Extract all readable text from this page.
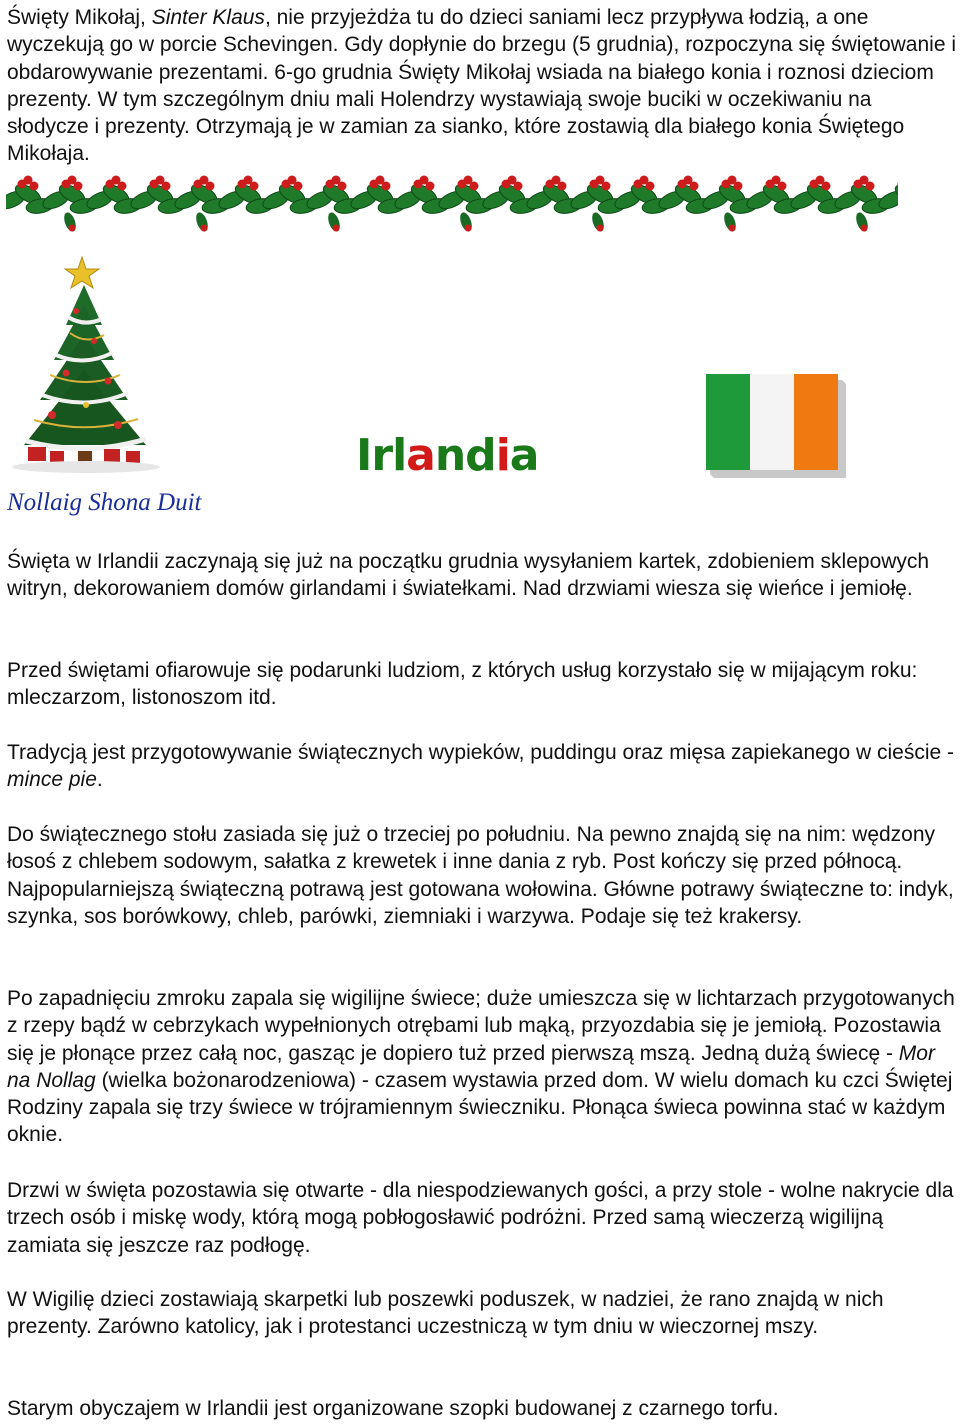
Święty Mikołaj, Sinter Klaus, nie przyjeżdża tu do dzieci saniami lecz przypływa łodzią, a one wyczekują go w porcie Schevingen. Gdy dopłynie do brzegu (5 grudnia), rozpoczyna się świętowanie i obdarowywanie prezentami. 6-go grudnia Święty Mikołaj wsiada na białego konia i roznosi dzieciom prezenty. W tym szczególnym dniu mali Holendrzy wystawiają swoje buciki w oczekiwaniu na słodycze i prezenty. Otrzymają je w zamian za sianko, które zostawią dla białego konia Świętego Mikołaja.

Nollaig Shona Duit
Irlandia

Święta w Irlandii zaczynają się już na początku grudnia wysyłaniem kartek, zdobieniem sklepowych witryn, dekorowaniem domów girlandami i światełkami. Nad drzwiami wiesza się wieńce i jemiołę.

Przed świętami ofiarowuje się podarunki ludziom, z których usług korzystało się w mijającym roku: mleczarzom, listonoszom itd.

Tradycją jest przygotowywanie świątecznych wypieków, puddingu oraz mięsa zapiekanego w cieście - mince pie.

Do świątecznego stołu zasiada się już o trzeciej po południu. Na pewno znajdą się na nim: wędzony łosoś z chlebem sodowym, sałatka z krewetek i inne dania z ryb. Post kończy się przed północą. Najpopularniejszą świąteczną potrawą jest gotowana wołowina. Główne potrawy świąteczne to: indyk, szynka, sos borówkowy, chleb, parówki, ziemniaki i warzywa. Podaje się też krakersy.

Po zapadnięciu zmroku zapala się wigilijne świece; duże umieszcza się w lichtarzach przygotowanych z rzepy bądź w cebrzykach wypełnionych otrębami lub mąką, przyozdabia się je jemiołą. Pozostawia się je płonące przez całą noc, gasząc je dopiero tuż przed pierwszą mszą. Jedną dużą świecę - Mor na Nollag (wielka bożonarodzeniowa) - czasem wystawia przed dom. W wielu domach ku czci Świętej Rodziny zapala się trzy świece w trójramiennym świeczniku. Płonąca świeca powinna stać w każdym oknie.

Drzwi w święta pozostawia się otwarte - dla niespodziewanych gości, a przy stole - wolne nakrycie dla trzech osób i miskę wody, którą mogą pobłogosławić podróżni. Przed samą wieczerzą wigilijną zamiata się jeszcze raz podłogę.

W Wigilię dzieci zostawiają skarpetki lub poszewki poduszek, w nadziei, że rano znajdą w nich prezenty. Zarówno katolicy, jak i protestanci uczestniczą w tym dniu w wieczornej mszy.

Starym obyczajem w Irlandii jest organizowane szopki budowanej z czarnego torfu.
